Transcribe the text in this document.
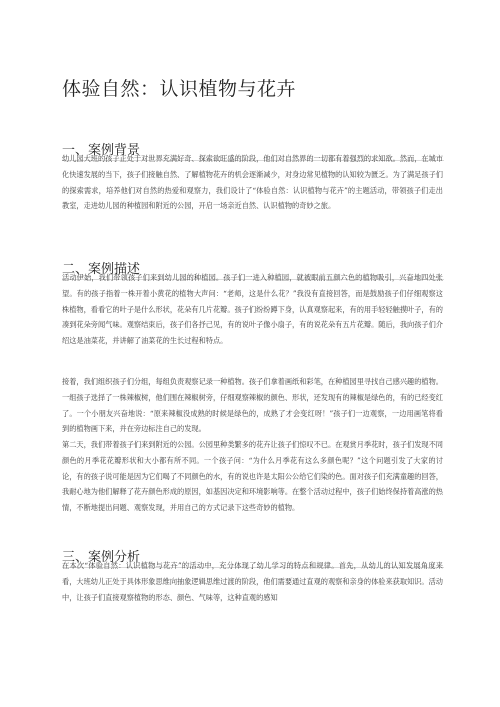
体验自然：认识植物与花卉
一、案例背景

幼儿园大班的孩子正处于对世界充满好奇、探索欲旺盛的阶段，他们对自然界的一切都有着强烈的求知欲。然而，在城市化快速发展的当下，孩子们接触自然、了解植物花卉的机会逐渐减少，对身边常见植物的认知较为匮乏。为了满足孩子们的探索需求，培养他们对自然的热爱和观察力，我们设计了“体验自然：认识植物与花卉”的主题活动，带领孩子们走出教室，走进幼儿园的种植园和附近的公园，开启一场亲近自然、认识植物的奇妙之旅。

二、案例描述

活动伊始，我们带领孩子们来到幼儿园的种植园。孩子们一进入种植园，就被眼前五颜六色的植物吸引，兴奋地四处张望。有的孩子指着一株开着小黄花的植物大声问：“老师，这是什么花？”我没有直接回答，而是鼓励孩子们仔细观察这株植物，看看它的叶子是什么形状，花朵有几片花瓣。孩子们纷纷蹲下身，认真观察起来，有的用手轻轻触摸叶子，有的凑到花朵旁闻气味。观察结束后，孩子们各抒己见，有的说叶子像小扇子，有的说花朵有五片花瓣。随后，我向孩子们介绍这是油菜花，并讲解了油菜花的生长过程和特点。

接着，我们组织孩子们分组，每组负责观察记录一种植物。孩子们拿着画纸和彩笔，在种植园里寻找自己感兴趣的植物。一组孩子选择了一株辣椒树，他们围在辣椒树旁，仔细观察辣椒的颜色、形状，还发现有的辣椒是绿色的，有的已经变红了。一个小朋友兴奋地说：“原来辣椒没成熟的时候是绿色的，成熟了才会变红呀！”孩子们一边观察，一边用画笔将看到的植物画下来，并在旁边标注自己的发现。

第二天，我们带着孩子们来到附近的公园。公园里种类繁多的花卉让孩子们惊叹不已。在观赏月季花时，孩子们发现不同颜色的月季花花瓣形状和大小都有所不同。一个孩子问：“为什么月季花有这么多颜色呢？”这个问题引发了大家的讨论，有的孩子说可能是因为它们喝了不同颜色的水，有的说也许是太阳公公给它们染的色。面对孩子们充满童趣的回答，我耐心地为他们解释了花卉颜色形成的原因，如基因决定和环境影响等。在整个活动过程中，孩子们始终保持着高涨的热情，不断地提出问题、观察发现，并用自己的方式记录下这些奇妙的植物。

三、案例分析

在本次“体验自然：认识植物与花卉”的活动中，充分体现了幼儿学习的特点和规律。首先，从幼儿的认知发展角度来看，大班幼儿正处于具体形象思维向抽象逻辑思维过渡的阶段，他们需要通过直观的观察和亲身的体验来获取知识。活动中，让孩子们直接观察植物的形态、颜色、气味等，这种直观的感知
